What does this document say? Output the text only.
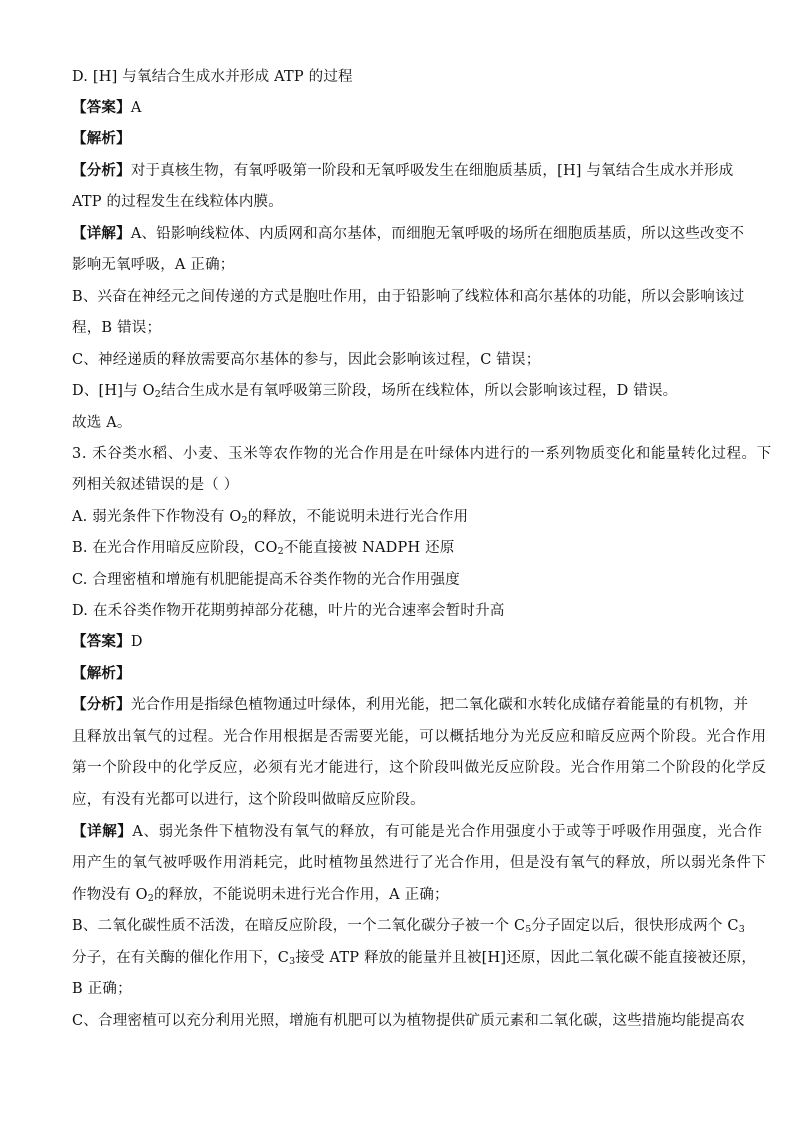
D. [H] 与氧结合生成水并形成 ATP 的过程
【答案】A
【解析】
【分析】对于真核生物，有氧呼吸第一阶段和无氧呼吸发生在细胞质基质，[H] 与氧结合生成水并形成
ATP 的过程发生在线粒体内膜。
【详解】A、铅影响线粒体、内质网和高尔基体，而细胞无氧呼吸的场所在细胞质基质，所以这些改变不
影响无氧呼吸，A 正确；
B、兴奋在神经元之间传递的方式是胞吐作用，由于铅影响了线粒体和高尔基体的功能，所以会影响该过
程，B 错误；
C、神经递质的释放需要高尔基体的参与，因此会影响该过程，C 错误；
D、[H]与 $O_2$结合生成水是有氧呼吸第三阶段，场所在线粒体，所以会影响该过程，D 错误。
故选 A。
3. 禾谷类水稻、小麦、玉米等农作物的光合作用是在叶绿体内进行的一系列物质变化和能量转化过程。下
列相关叙述错误的是（ ）
A. 弱光条件下作物没有 $O_2$的释放，不能说明未进行光合作用
B. 在光合作用暗反应阶段，$CO_2$不能直接被 NADPH 还原
C. 合理密植和增施有机肥能提高禾谷类作物的光合作用强度
D. 在禾谷类作物开花期剪掉部分花穗，叶片的光合速率会暂时升高
【答案】D
【解析】
【分析】光合作用是指绿色植物通过叶绿体，利用光能，把二氧化碳和水转化成储存着能量的有机物，并
且释放出氧气的过程。光合作用根据是否需要光能，可以概括地分为光反应和暗反应两个阶段。光合作用
第一个阶段中的化学反应，必须有光才能进行，这个阶段叫做光反应阶段。光合作用第二个阶段的化学反
应，有没有光都可以进行，这个阶段叫做暗反应阶段。
【详解】A、弱光条件下植物没有氧气的释放，有可能是光合作用强度小于或等于呼吸作用强度，光合作
用产生的氧气被呼吸作用消耗完，此时植物虽然进行了光合作用，但是没有氧气的释放，所以弱光条件下
作物没有 $O_2$的释放，不能说明未进行光合作用，A 正确；
B、二氧化碳性质不活泼，在暗反应阶段，一个二氧化碳分子被一个 $C_5$分子固定以后，很快形成两个 $C_3$
分子，在有关酶的催化作用下，$C_3$接受 ATP 释放的能量并且被[H]还原，因此二氧化碳不能直接被还原，
B 正确；
C、合理密植可以充分利用光照，增施有机肥可以为植物提供矿质元素和二氧化碳，这些措施均能提高农
